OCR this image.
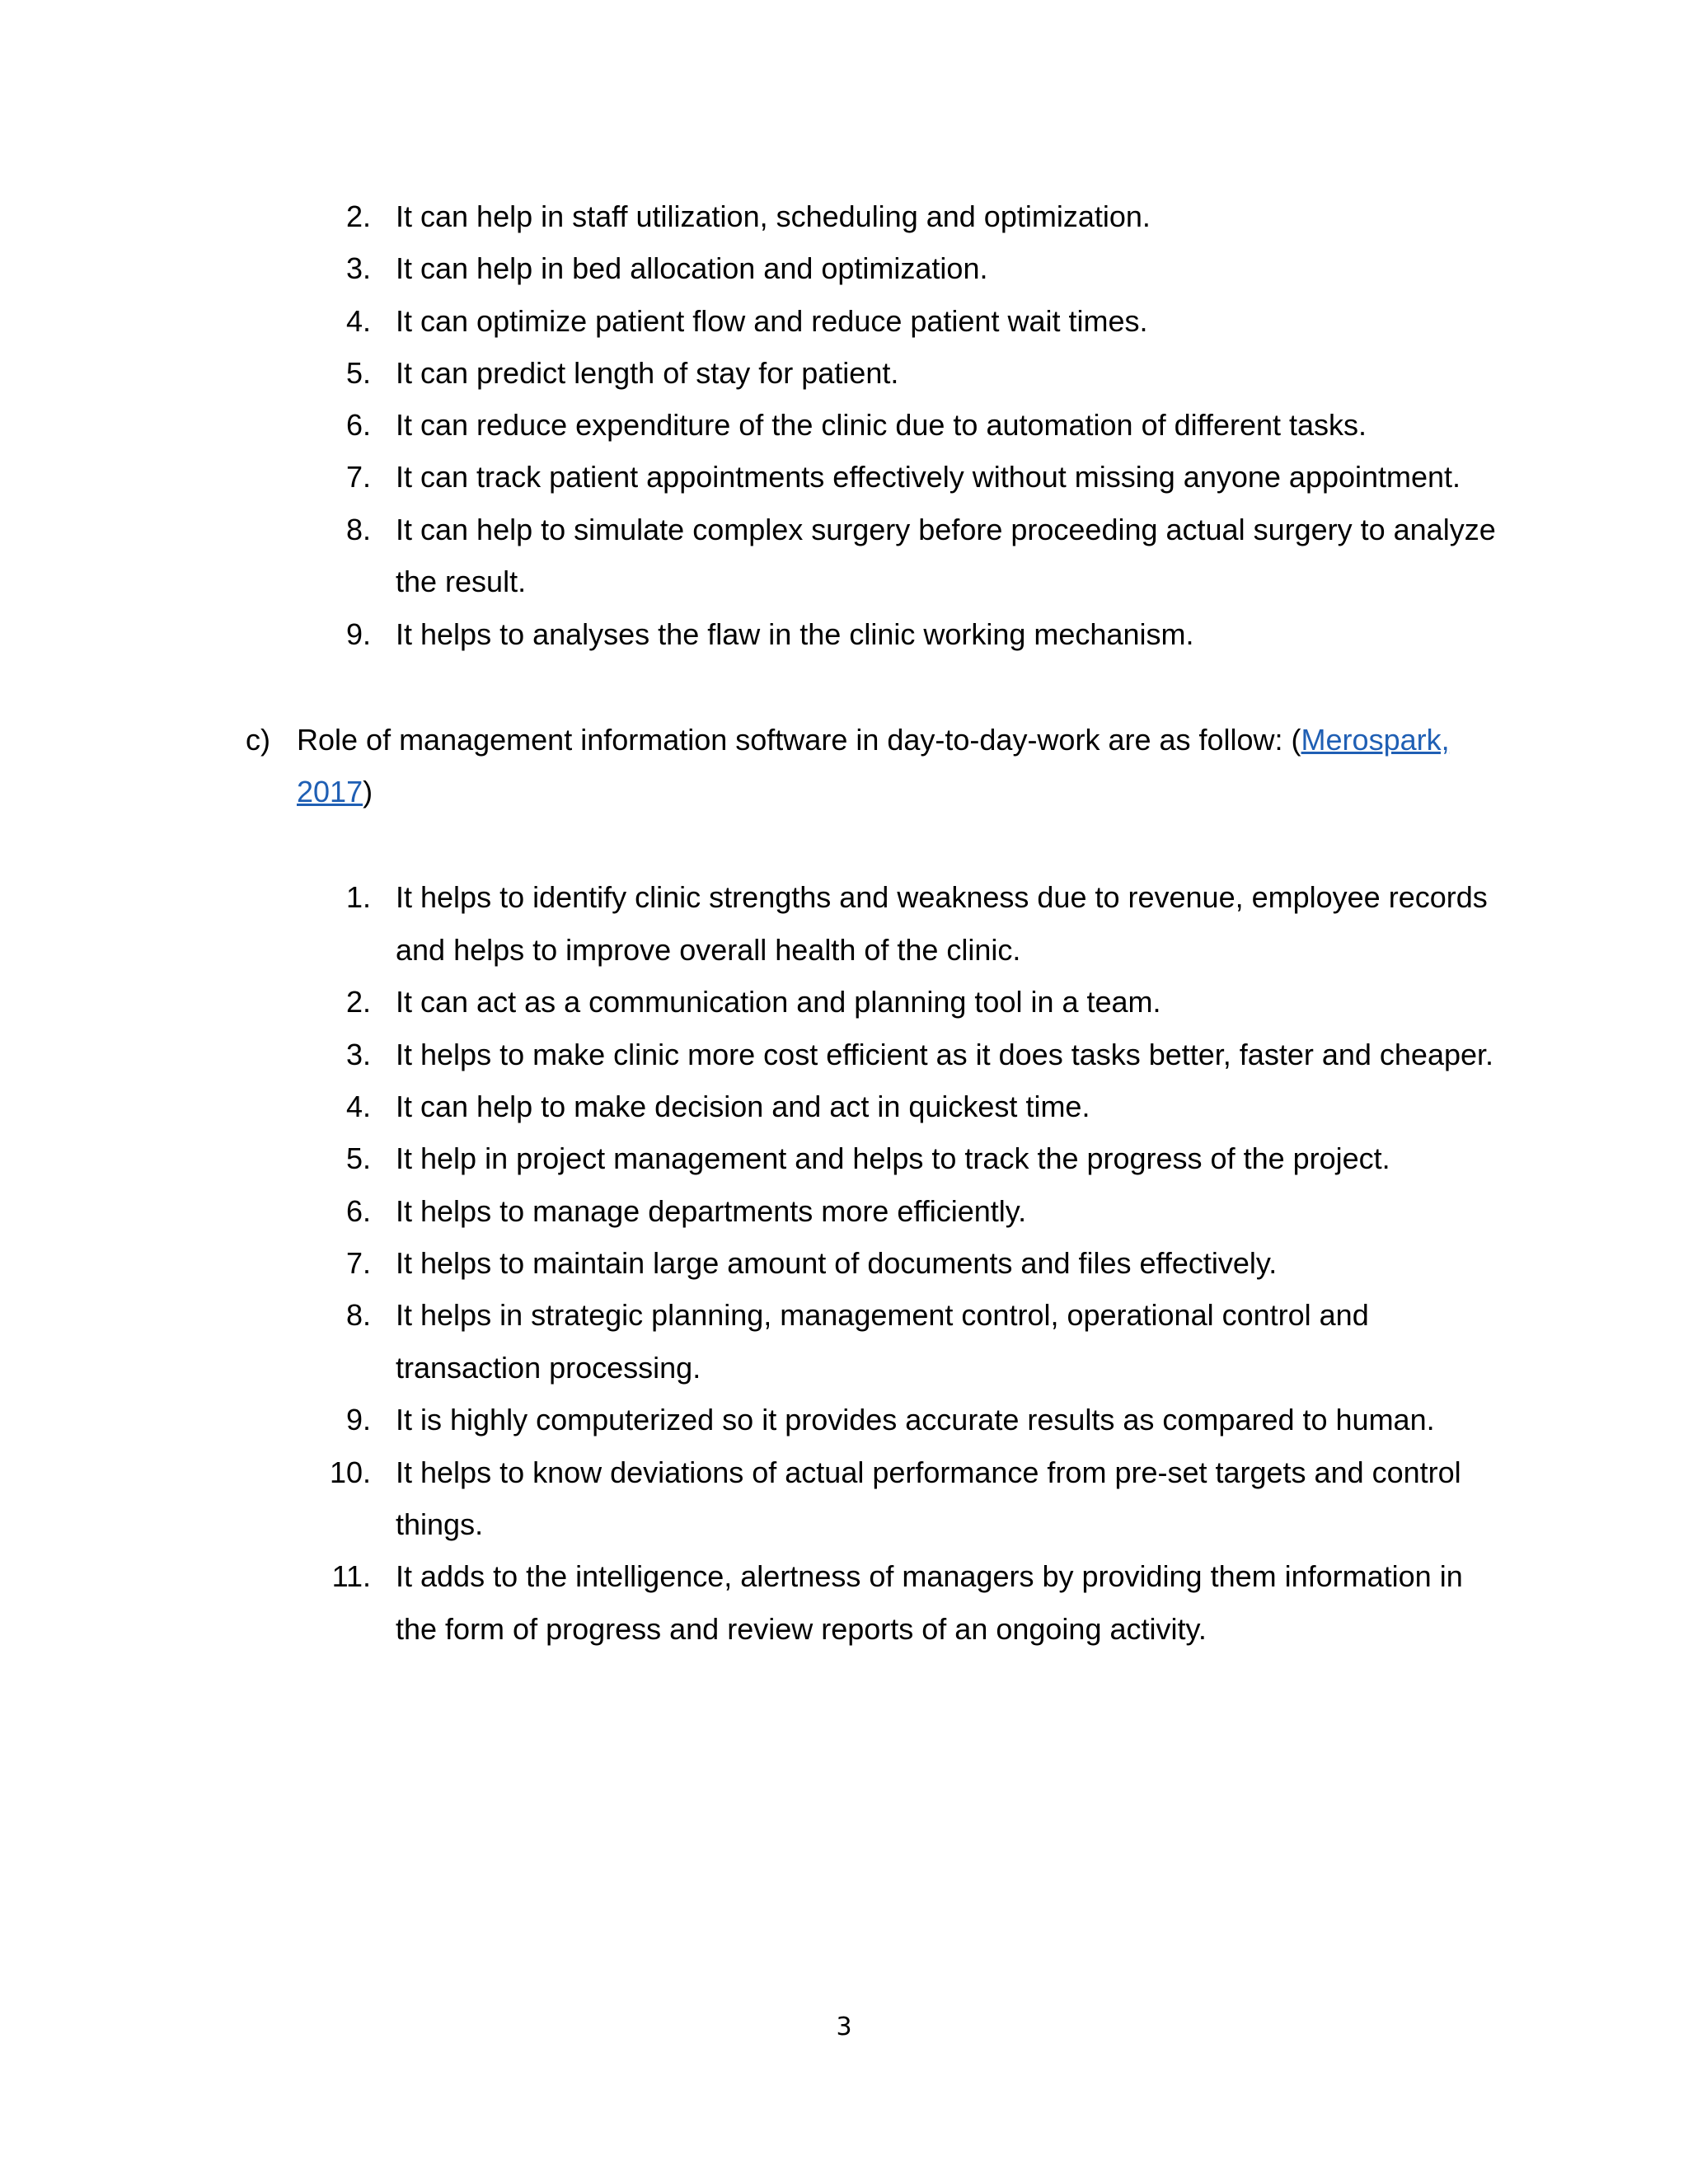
2. It can help in staff utilization, scheduling and optimization.
3. It can help in bed allocation and optimization.
4. It can optimize patient flow and reduce patient wait times.
5. It can predict length of stay for patient.
6. It can reduce expenditure of the clinic due to automation of different tasks.
7. It can track patient appointments effectively without missing anyone appointment.
8. It can help to simulate complex surgery before proceeding actual surgery to analyze
the result.
9. It helps to analyses the flaw in the clinic working mechanism.
c) Role of management information software in day-to-day-work are as follow: (Merospark,
2017)
1. It helps to identify clinic strengths and weakness due to revenue, employee records
and helps to improve overall health of the clinic.
2. It can act as a communication and planning tool in a team.
3. It helps to make clinic more cost efficient as it does tasks better, faster and cheaper.
4. It can help to make decision and act in quickest time.
5. It help in project management and helps to track the progress of the project.
6. It helps to manage departments more efficiently.
7. It helps to maintain large amount of documents and files effectively.
8. It helps in strategic planning, management control, operational control and
transaction processing.
9. It is highly computerized so it provides accurate results as compared to human.
10. It helps to know deviations of actual performance from pre-set targets and control
things.
11. It adds to the intelligence, alertness of managers by providing them information in
the form of progress and review reports of an ongoing activity.
3
